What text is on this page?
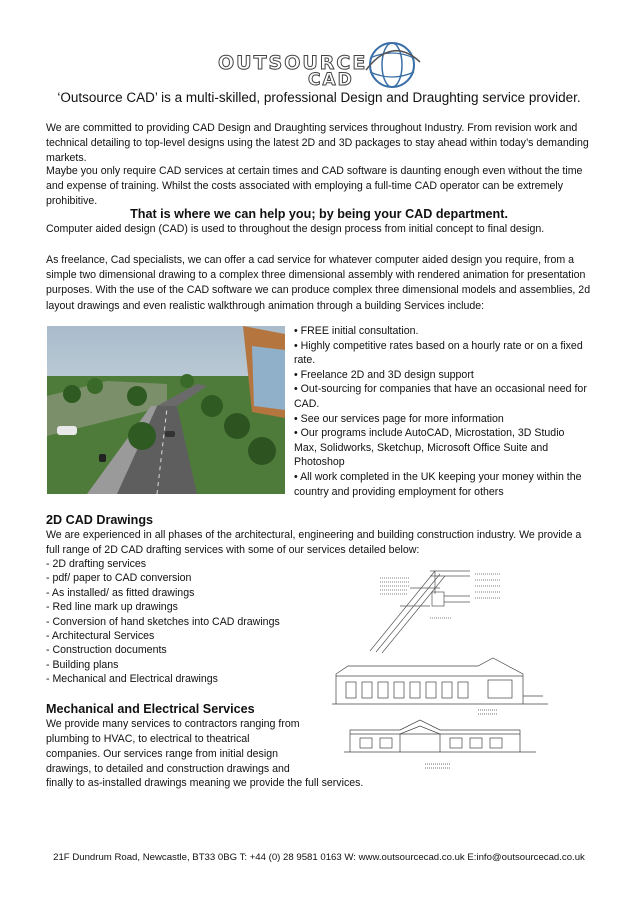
OUTSOURCE
CAD
‘Outsource CAD’ is a multi-skilled, professional Design and Draughting service provider.

We are committed to providing CAD Design and Draughting services throughout Industry. From revision work and technical detailing to top-level designs using the latest 2D and 3D packages to stay ahead within today’s demanding markets.

Maybe you only require CAD services at certain times and CAD software is daunting enough even without the time and expense of training. Whilst the costs associated with employing a full-time CAD operator can be extremely prohibitive.

That is where we can help you; by being your CAD department.

Computer aided design (CAD) is used to throughout the design process from initial concept to final design.

As freelance, Cad specialists, we can offer a cad service for whatever computer aided design you require, from a simple two dimensional drawing to a complex three dimensional assembly with rendered animation for presentation purposes. With the use of the CAD software we can produce complex three dimensional models and assemblies, 2d layout drawings and even realistic walkthrough animation through a building Services include:

• FREE initial consultation.
• Highly competitive rates based on a hourly rate or on a fixed rate.
• Freelance 2D and 3D design support
• Out-sourcing for companies that have an occasional need for CAD.
• See our services page for more information
• Our programs include AutoCAD, Microstation, 3D Studio Max, Solidworks, Sketchup, Microsoft Office Suite and Photoshop
• All work completed in the UK keeping your money within the country and providing employment for others
2D CAD Drawings

We are experienced in all phases of the architectural, engineering and building construction industry. We provide a full range of 2D CAD drafting services with some of our services detailed below:

- 2D drafting services
- pdf/ paper to CAD conversion
- As installed/ as fitted drawings
- Red line mark up drawings
- Conversion of hand sketches into CAD drawings
- Architectural Services
- Construction documents
- Building plans
- Mechanical and Electrical drawings
Mechanical and Electrical Services

We provide many services to contractors ranging from

plumbing to HVAC, to electrical to theatrical

companies. Our services range from initial design

drawings, to detailed and construction drawings and

finally to as-installed drawings meaning we provide the full services.

21F Dundrum Road, Newcastle, BT33 0BG T: +44 (0) 28 9581 0163 W: www.outsourcecad.co.uk E:info@outsourcecad.co.uk
